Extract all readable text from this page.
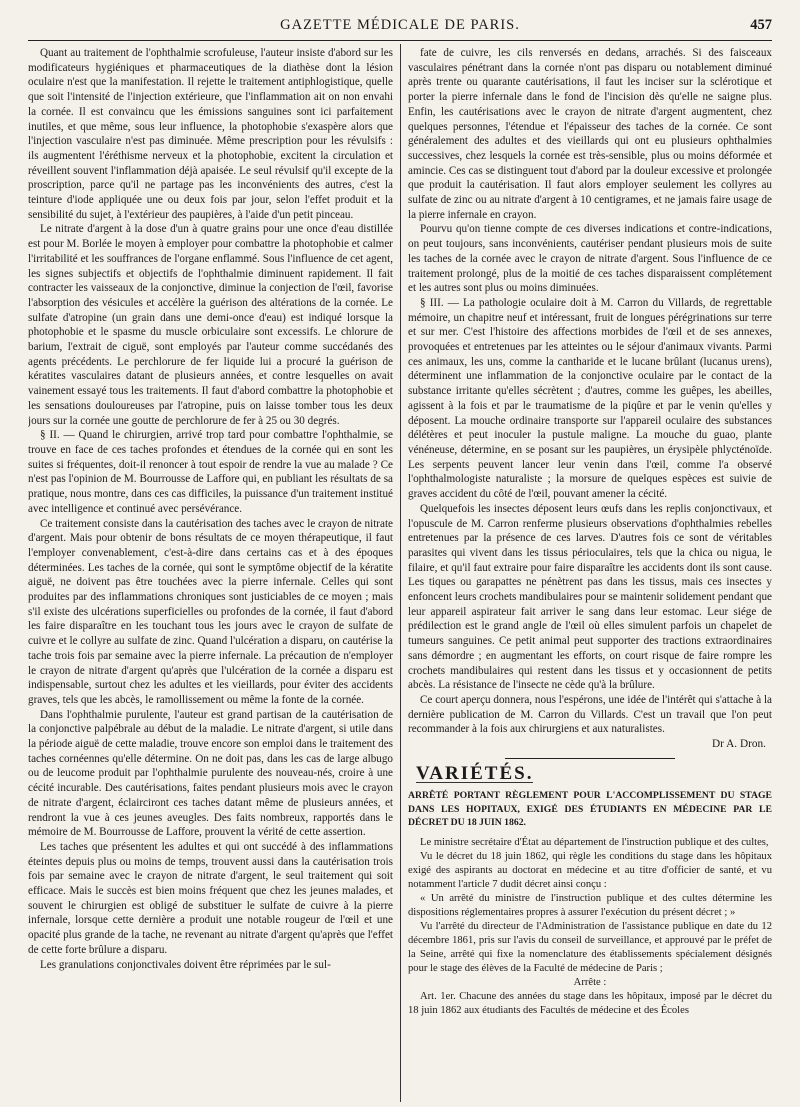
GAZETTE MÉDICALE DE PARIS.	457

Quant au traitement de l'ophthalmie scrofuleuse, l'auteur insiste d'abord sur les modificateurs hygiéniques et pharmaceutiques de la diathèse dont la lésion oculaire n'est que la manifestation. Il rejette le traitement antiphlogistique, quelle que soit l'intensité de l'injection extérieure, que l'inflammation ait on non envahi la cornée. Il est convaincu que les émissions sanguines sont ici parfaitement inutiles, et que même, sous leur influence, la photophobie s'exaspère alors que l'injection vasculaire n'est pas diminuée. Même prescription pour les révulsifs : ils augmentent l'éréthisme nerveux et la photophobie, excitent la circulation et réveillent souvent l'inflammation déjà apaisée. Le seul révulsif qu'il excepte de la proscription, parce qu'il ne partage pas les inconvénients des autres, c'est la teinture d'iode appliquée une ou deux fois par jour, selon l'effet produit et la sensibilité du sujet, à l'extérieur des paupières, à l'aide d'un petit pinceau.

Le nitrate d'argent à la dose d'un à quatre grains pour une once d'eau distillée est pour M. Borlée le moyen à employer pour combattre la photophobie et calmer l'irritabilité et les souffrances de l'organe enflammé. Sous l'influence de cet agent, les signes subjectifs et objectifs de l'ophthalmie diminuent rapidement. Il fait contracter les vaisseaux de la conjonctive, diminue la conjection de l'œil, favorise l'absorption des vésicules et accélère la guérison des altérations de la cornée. Le sulfate d'atropine (un grain dans une demi-once d'eau) est indiqué lorsque la photophobie et le spasme du muscle orbiculaire sont excessifs. Le chlorure de barium, l'extrait de ciguë, sont employés par l'auteur comme succédanés des agents précédents. Le perchlorure de fer liquide lui a procuré la guérison de kératites vasculaires datant de plusieurs années, et contre lesquelles on avait vainement essayé tous les traitements. Il faut d'abord combattre la photophobie et les sensations douloureuses par l'atropine, puis on laisse tomber tous les deux jours sur la cornée une goutte de perchlorure de fer à 25 ou 30 degrés.

§ II. — Quand le chirurgien, arrivé trop tard pour combattre l'ophthalmie, se trouve en face de ces taches profondes et étendues de la cornée qui en sont les suites si fréquentes, doit-il renoncer à tout espoir de rendre la vue au malade ? Ce n'est pas l'opinion de M. Bourrousse de Laffore qui, en publiant les résultats de sa pratique, nous montre, dans ces cas difficiles, la puissance d'un traitement institué avec intelligence et continué avec persévérance.

Ce traitement consiste dans la cautérisation des taches avec le crayon de nitrate d'argent. Mais pour obtenir de bons résultats de ce moyen thérapeutique, il faut l'employer convenablement, c'est-à-dire dans certains cas et à des époques déterminées. Les taches de la cornée, qui sont le symptôme objectif de la kératite aiguë, ne doivent pas être touchées avec la pierre infernale. Celles qui sont produites par des inflammations chroniques sont justiciables de ce moyen ; mais s'il existe des ulcérations superficielles ou profondes de la cornée, il faut d'abord les faire disparaître en les touchant tous les jours avec le crayon de sulfate de cuivre et le collyre au sulfate de zinc. Quand l'ulcération a disparu, on cautérise la tache trois fois par semaine avec la pierre infernale. La précaution de n'employer le crayon de nitrate d'argent qu'après que l'ulcération de la cornée a disparu est indispensable, surtout chez les adultes et les vieillards, pour éviter des accidents graves, tels que les abcès, le ramollissement ou même la fonte de la cornée.

Dans l'ophthalmie purulente, l'auteur est grand partisan de la cautérisation de la conjonctive palpébrale au début de la maladie. Le nitrate d'argent, si utile dans la période aiguë de cette maladie, trouve encore son emploi dans le traitement des taches cornéennes qu'elle détermine. On ne doit pas, dans les cas de large albugo ou de leucome produit par l'ophthalmie purulente des nouveau-nés, croire à une cécité incurable. Des cautérisations, faites pendant plusieurs mois avec le crayon de nitrate d'argent, éclairciront ces taches datant même de plusieurs années, et rendront la vue à ces jeunes aveugles. Des faits nombreux, rapportés dans le mémoire de M. Bourrousse de Laffore, prouvent la vérité de cette assertion.

Les taches que présentent les adultes et qui ont succédé à des inflammations éteintes depuis plus ou moins de temps, trouvent aussi dans la cautérisation trois fois par semaine avec le crayon de nitrate d'argent, le seul traitement qui soit efficace. Mais le succès est bien moins fréquent que chez les jeunes malades, et souvent le chirurgien est obligé de substituer le sulfate de cuivre à la pierre infernale, lorsque cette dernière a produit une notable rougeur de l'œil et une opacité plus grande de la tache, ne revenant au nitrate d'argent qu'après que l'effet de cette forte brûlure a disparu.

Les granulations conjonctivales doivent être réprimées par le sul-

fate de cuivre, les cils renversés en dedans, arrachés. Si des faisceaux vasculaires pénétrant dans la cornée n'ont pas disparu ou notablement diminué après trente ou quarante cautérisations, il faut les inciser sur la sclérotique et porter la pierre infernale dans le fond de l'incision dès qu'elle ne saigne plus. Enfin, les cautérisations avec le crayon de nitrate d'argent augmentent, chez quelques personnes, l'étendue et l'épaisseur des taches de la cornée. Ce sont généralement des adultes et des vieillards qui ont eu plusieurs ophthalmies successives, chez lesquels la cornée est très-sensible, plus ou moins déformée et amincie. Ces cas se distinguent tout d'abord par la douleur excessive et prolongée que produit la cautérisation. Il faut alors employer seulement les collyres au sulfate de zinc ou au nitrate d'argent à 10 centigrames, et ne jamais faire usage de la pierre infernale en crayon.

Pourvu qu'on tienne compte de ces diverses indications et contre-indications, on peut toujours, sans inconvénients, cautériser pendant plusieurs mois de suite les taches de la cornée avec le crayon de nitrate d'argent. Sous l'influence de ce traitement prolongé, plus de la moitié de ces taches disparaissent complétement et les autres sont plus ou moins diminuées.

§ III. — La pathologie oculaire doit à M. Carron du Villards, de regrettable mémoire, un chapitre neuf et intéressant, fruit de longues pérégrinations sur terre et sur mer. C'est l'histoire des affections morbides de l'œil et de ses annexes, provoquées et entretenues par les atteintes ou le séjour d'animaux vivants. Parmi ces animaux, les uns, comme la cantharide et le lucane brûlant (lucanus urens), déterminent une inflammation de la conjonctive oculaire par le contact de la substance irritante qu'elles sécrètent ; d'autres, comme les guêpes, les abeilles, agissent à la fois et par le traumatisme de la piqûre et par le venin qu'elles y déposent. La mouche ordinaire transporte sur l'appareil oculaire des substances délétères et peut inoculer la pustule maligne. La mouche du guao, plante vénéneuse, détermine, en se posant sur les paupières, un érysipèle phlycténoïde. Les serpents peuvent lancer leur venin dans l'œil, comme l'a observé l'ophthalmologiste naturaliste ; la morsure de quelques espèces est suivie de graves accident du côté de l'œil, pouvant amener la cécité.

Quelquefois les insectes déposent leurs œufs dans les replis conjonctivaux, et l'opuscule de M. Carron renferme plusieurs observations d'ophthalmies rebelles entretenues par la présence de ces larves. D'autres fois ce sont de véritables parasites qui vivent dans les tissus périoculaires, tels que la chica ou nigua, le filaire, et qu'il faut extraire pour faire disparaître les accidents dont ils sont cause. Les tiques ou garapattes ne pénètrent pas dans les tissus, mais ces insectes y enfoncent leurs crochets mandibulaires pour se maintenir solidement pendant que leur appareil aspirateur fait arriver le sang dans leur estomac. Leur siége de prédilection est le grand angle de l'œil où elles simulent parfois un chapelet de tumeurs sanguines. Ce petit animal peut supporter des tractions extraordinaires sans démordre ; en augmentant les efforts, on court risque de faire rompre les crochets mandibulaires qui restent dans les tissus et y occasionnent de petits abcès. La résistance de l'insecte ne cède qu'à la brûlure.

Ce court aperçu donnera, nous l'espérons, une idée de l'intérêt qui s'attache à la dernière publication de M. Carron du Villards. C'est un travail que l'on peut recommander à la fois aux chirurgiens et aux naturalistes.

Dr A. Dron.

VARIÉTÉS.

ARRÊTÉ PORTANT RÈGLEMENT POUR L'ACCOMPLISSEMENT DU STAGE DANS LES HOPITAUX, EXIGÉ DES ÉTUDIANTS EN MÉDECINE PAR LE DÉCRET DU 18 JUIN 1862.

Le ministre secrétaire d'État au département de l'instruction publique et des cultes,

Vu le décret du 18 juin 1862, qui règle les conditions du stage dans les hôpitaux exigé des aspirants au doctorat en médecine et au titre d'officier de santé, et vu notamment l'article 7 dudit décret ainsi conçu :

« Un arrêté du ministre de l'instruction publique et des cultes détermine les dispositions réglementaires propres à assurer l'exécution du présent décret ; »

Vu l'arrêté du directeur de l'Administration de l'assistance publique en date du 12 décembre 1861, pris sur l'avis du conseil de surveillance, et approuvé par le préfet de la Seine, arrêté qui fixe la nomenclature des établissements spécialement désignés pour le stage des élèves de la Faculté de médecine de Paris ;

Arrête :

Art. 1er. Chacune des années du stage dans les hôpitaux, imposé par le décret du 18 juin 1862 aux étudiants des Facultés de médecine et des Écoles
